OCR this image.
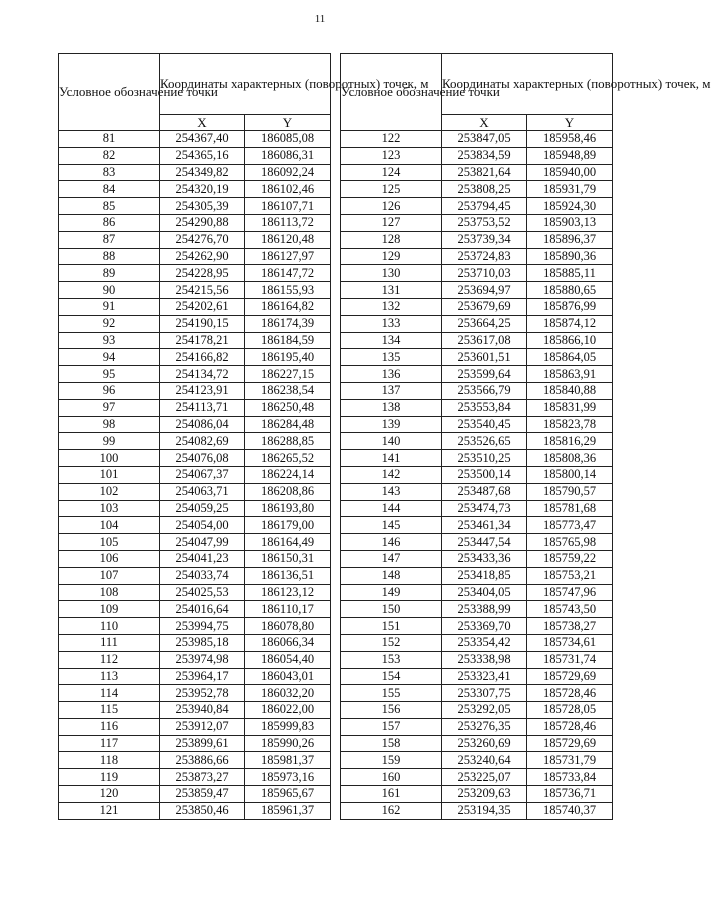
11
Условное обозначение точки	Координаты характерных (поворотных) точек, м	
	X	Y
81	254367,40	186085,08
82	254365,16	186086,31
83	254349,82	186092,24
84	254320,19	186102,46
85	254305,39	186107,71
86	254290,88	186113,72
87	254276,70	186120,48
88	254262,90	186127,97
89	254228,95	186147,72
90	254215,56	186155,93
91	254202,61	186164,82
92	254190,15	186174,39
93	254178,21	186184,59
94	254166,82	186195,40
95	254134,72	186227,15
96	254123,91	186238,54
97	254113,71	186250,48
98	254086,04	186284,48
99	254082,69	186288,85
100	254076,08	186265,52
101	254067,37	186224,14
102	254063,71	186208,86
103	254059,25	186193,80
104	254054,00	186179,00
105	254047,99	186164,49
106	254041,23	186150,31
107	254033,74	186136,51
108	254025,53	186123,12
109	254016,64	186110,17
110	253994,75	186078,80
111	253985,18	186066,34
112	253974,98	186054,40
113	253964,17	186043,01
114	253952,78	186032,20
115	253940,84	186022,00
116	253912,07	185999,83
117	253899,61	185990,26
118	253886,66	185981,37
119	253873,27	185973,16
120	253859,47	185965,67
121	253850,46	185961,37
Условное обозначение точки	Координаты характерных (поворотных) точек, м	
	X	Y
122	253847,05	185958,46
123	253834,59	185948,89
124	253821,64	185940,00
125	253808,25	185931,79
126	253794,45	185924,30
127	253753,52	185903,13
128	253739,34	185896,37
129	253724,83	185890,36
130	253710,03	185885,11
131	253694,97	185880,65
132	253679,69	185876,99
133	253664,25	185874,12
134	253617,08	185866,10
135	253601,51	185864,05
136	253599,64	185863,91
137	253566,79	185840,88
138	253553,84	185831,99
139	253540,45	185823,78
140	253526,65	185816,29
141	253510,25	185808,36
142	253500,14	185800,14
143	253487,68	185790,57
144	253474,73	185781,68
145	253461,34	185773,47
146	253447,54	185765,98
147	253433,36	185759,22
148	253418,85	185753,21
149	253404,05	185747,96
150	253388,99	185743,50
151	253369,70	185738,27
152	253354,42	185734,61
153	253338,98	185731,74
154	253323,41	185729,69
155	253307,75	185728,46
156	253292,05	185728,05
157	253276,35	185728,46
158	253260,69	185729,69
159	253240,64	185731,79
160	253225,07	185733,84
161	253209,63	185736,71
162	253194,35	185740,37
